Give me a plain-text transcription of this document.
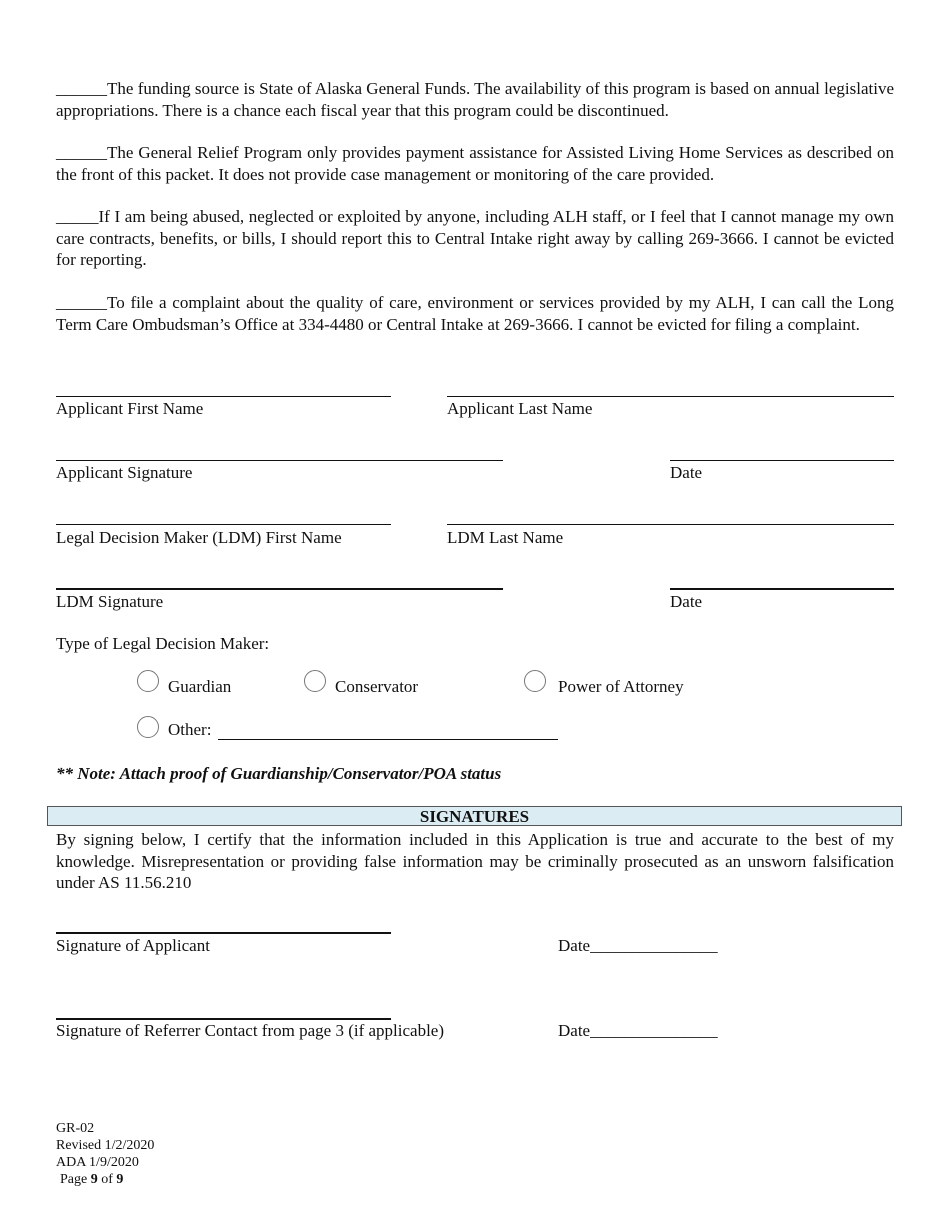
______The funding source is State of Alaska General Funds. The availability of this program is based on annual legislative appropriations. There is a chance each fiscal year that this program could be discontinued.
______The General Relief Program only provides payment assistance for Assisted Living Home Services as described on the front of this packet. It does not provide case management or monitoring of the care provided.
_____If I am being abused, neglected or exploited by anyone, including ALH staff, or I feel that I cannot manage my own care contracts, benefits, or bills, I should report this to Central Intake right away by calling 269-3666. I cannot be evicted for reporting.
______To file a complaint about the quality of care, environment or services provided by my ALH, I can call the Long Term Care Ombudsman’s Office at 334-4480 or Central Intake at 269-3666. I cannot be evicted for filing a complaint.
Applicant First Name	Applicant Last Name
Applicant Signature	Date
Legal Decision Maker (LDM) First Name	LDM Last Name
LDM Signature	Date
Type of Legal Decision Maker:
Guardian	Conservator	Power of Attorney
Other:
** Note: Attach proof of Guardianship/Conservator/POA status
SIGNATURES
By signing below, I certify that the information included in this Application is true and accurate to the best of my knowledge. Misrepresentation or providing false information may be criminally prosecuted as an unsworn falsification under AS 11.56.210
Signature of Applicant	Date_______________
Signature of Referrer Contact from page 3 (if applicable)	Date_______________
GR-02
Revised 1/2/2020
ADA 1/9/2020
Page 9 of 9
